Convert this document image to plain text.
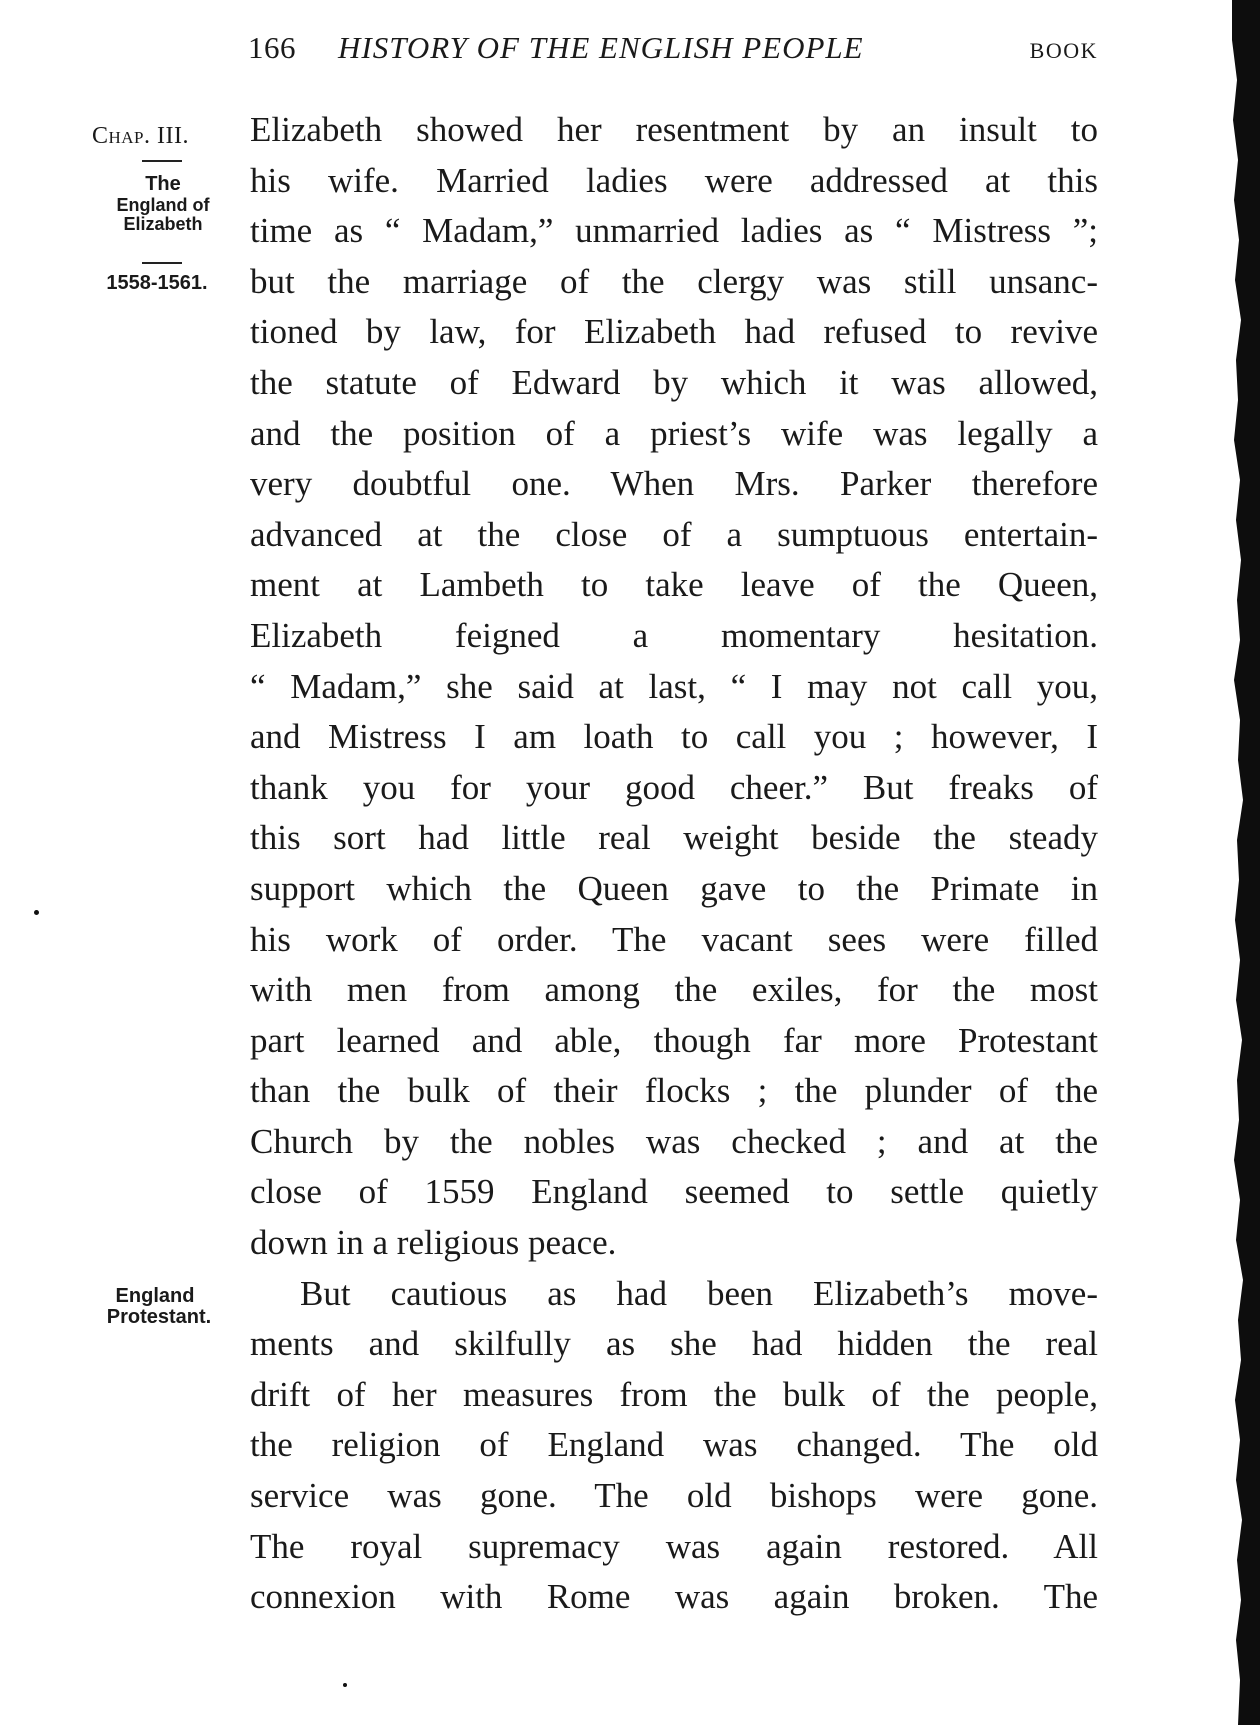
166 HISTORY OF THE ENGLISH PEOPLE	BOOK
Chap. III.
The
England of
Elizabeth
1558-1561.
England
Protestant.
Elizabeth showed her resentment by an insult to
his wife. Married ladies were addressed at this
time as “ Madam,” unmarried ladies as “ Mistress ”;
but the marriage of the clergy was still unsanc-
tioned by law, for Elizabeth had refused to revive
the statute of Edward by which it was allowed,
and the position of a priest’s wife was legally a
very doubtful one. When Mrs. Parker therefore
advanced at the close of a sumptuous entertain-
ment at Lambeth to take leave of the Queen,
Elizabeth feigned a momentary hesitation.
“ Madam,” she said at last, “ I may not call you,
and Mistress I am loath to call you ; however, I
thank you for your good cheer.” But freaks of
this sort had little real weight beside the steady
support which the Queen gave to the Primate in
his work of order. The vacant sees were filled
with men from among the exiles, for the most
part learned and able, though far more Protestant
than the bulk of their flocks ; the plunder of the
Church by the nobles was checked ; and at the
close of 1559 England seemed to settle quietly
down in a religious peace.
But cautious as had been Elizabeth’s move-
ments and skilfully as she had hidden the real
drift of her measures from the bulk of the people,
the religion of England was changed. The old
service was gone. The old bishops were gone.
The royal supremacy was again restored. All
connexion with Rome was again broken. The
